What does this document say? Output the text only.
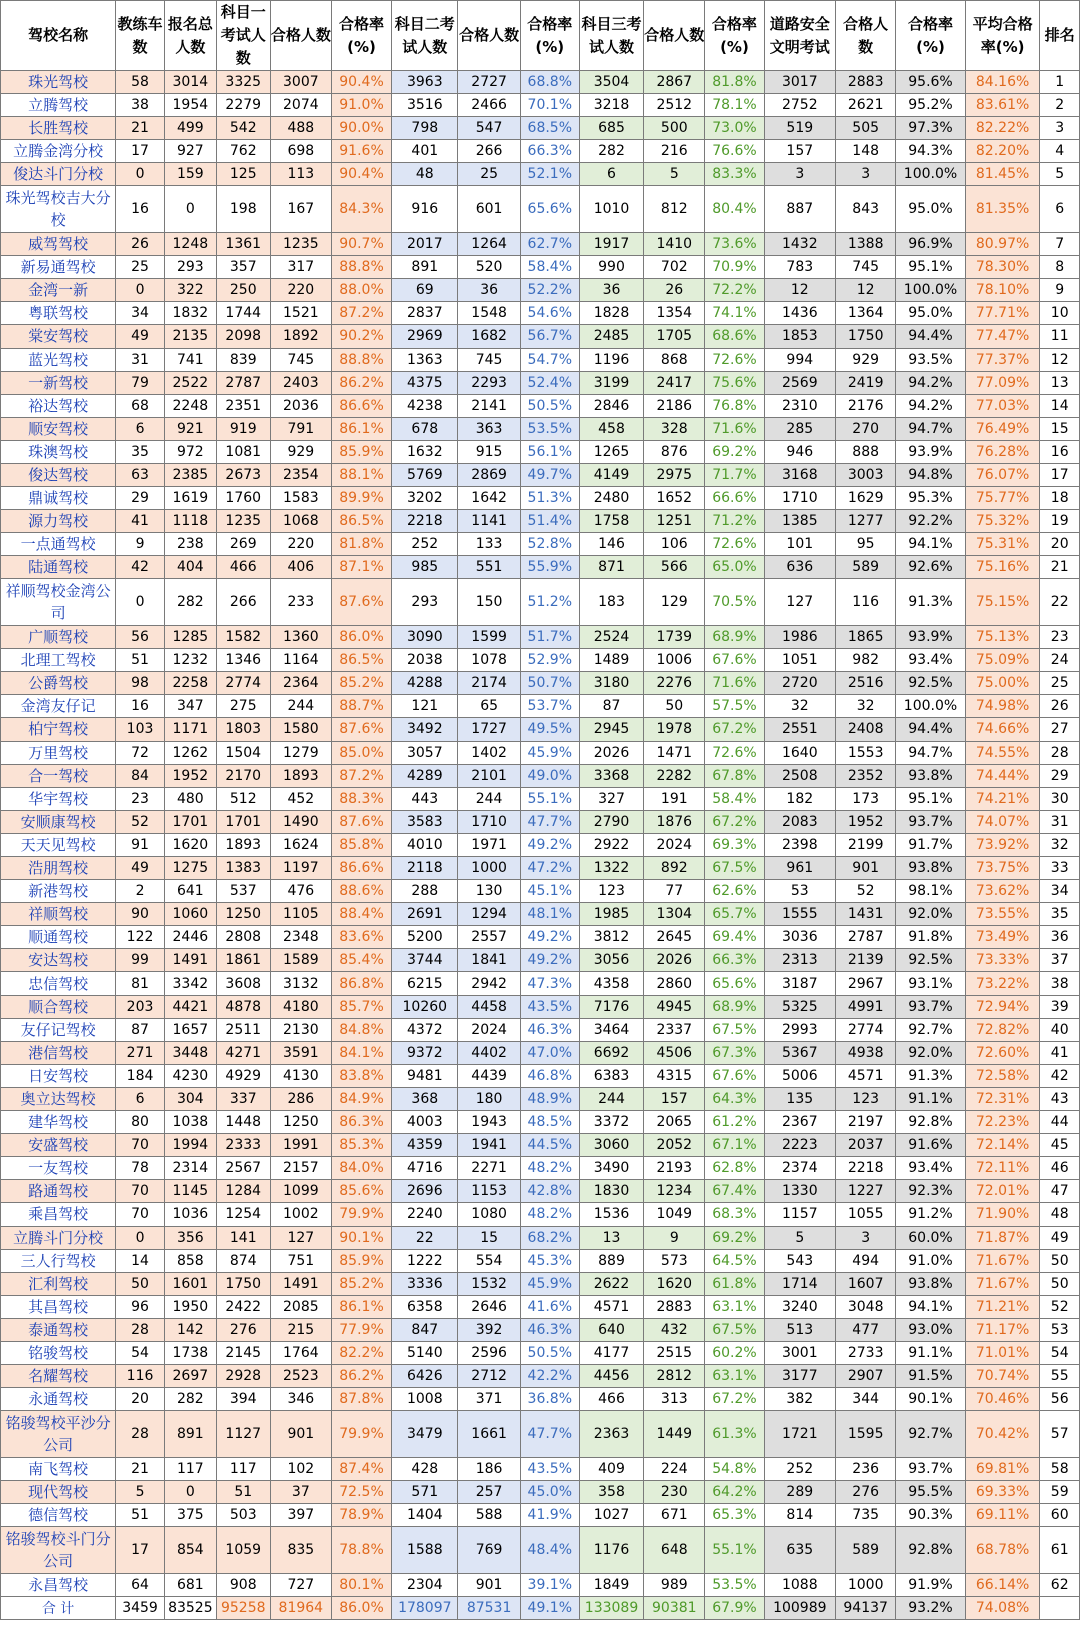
驾校名称	教练车数	报名总人数	科目一考试人数	合格人数	合格率(%)	科目二考试人数	合格人数	合格率(%)	科目三考试人数	合格人数	合格率(%)	道路安全文明考试	合格人数	合格率(%)	平均合格率(%)	排名
珠光驾校	58	3014	3325	3007	90.4%	3963	2727	68.8%	3504	2867	81.8%	3017	2883	95.6%	84.16%	1
立腾驾校	38	1954	2279	2074	91.0%	3516	2466	70.1%	3218	2512	78.1%	2752	2621	95.2%	83.61%	2
长胜驾校	21	499	542	488	90.0%	798	547	68.5%	685	500	73.0%	519	505	97.3%	82.22%	3
立腾金湾分校	17	927	762	698	91.6%	401	266	66.3%	282	216	76.6%	157	148	94.3%	82.20%	4
俊达斗门分校	0	159	125	113	90.4%	48	25	52.1%	6	5	83.3%	3	3	100.0%	81.45%	5
珠光驾校吉大分校	16	0	198	167	84.3%	916	601	65.6%	1010	812	80.4%	887	843	95.0%	81.35%	6
威驾驾校	26	1248	1361	1235	90.7%	2017	1264	62.7%	1917	1410	73.6%	1432	1388	96.9%	80.97%	7
新易通驾校	25	293	357	317	88.8%	891	520	58.4%	990	702	70.9%	783	745	95.1%	78.30%	8
金湾一新	0	322	250	220	88.0%	69	36	52.2%	36	26	72.2%	12	12	100.0%	78.10%	9
粤联驾校	34	1832	1744	1521	87.2%	2837	1548	54.6%	1828	1354	74.1%	1436	1364	95.0%	77.71%	10
棠安驾校	49	2135	2098	1892	90.2%	2969	1682	56.7%	2485	1705	68.6%	1853	1750	94.4%	77.47%	11
蓝光驾校	31	741	839	745	88.8%	1363	745	54.7%	1196	868	72.6%	994	929	93.5%	77.37%	12
一新驾校	79	2522	2787	2403	86.2%	4375	2293	52.4%	3199	2417	75.6%	2569	2419	94.2%	77.09%	13
裕达驾校	68	2248	2351	2036	86.6%	4238	2141	50.5%	2846	2186	76.8%	2310	2176	94.2%	77.03%	14
顺安驾校	6	921	919	791	86.1%	678	363	53.5%	458	328	71.6%	285	270	94.7%	76.49%	15
珠澳驾校	35	972	1081	929	85.9%	1632	915	56.1%	1265	876	69.2%	946	888	93.9%	76.28%	16
俊达驾校	63	2385	2673	2354	88.1%	5769	2869	49.7%	4149	2975	71.7%	3168	3003	94.8%	76.07%	17
鼎诚驾校	29	1619	1760	1583	89.9%	3202	1642	51.3%	2480	1652	66.6%	1710	1629	95.3%	75.77%	18
源力驾校	41	1118	1235	1068	86.5%	2218	1141	51.4%	1758	1251	71.2%	1385	1277	92.2%	75.32%	19
一点通驾校	9	238	269	220	81.8%	252	133	52.8%	146	106	72.6%	101	95	94.1%	75.31%	20
陆通驾校	42	404	466	406	87.1%	985	551	55.9%	871	566	65.0%	636	589	92.6%	75.16%	21
祥顺驾校金湾公司	0	282	266	233	87.6%	293	150	51.2%	183	129	70.5%	127	116	91.3%	75.15%	22
广顺驾校	56	1285	1582	1360	86.0%	3090	1599	51.7%	2524	1739	68.9%	1986	1865	93.9%	75.13%	23
北理工驾校	51	1232	1346	1164	86.5%	2038	1078	52.9%	1489	1006	67.6%	1051	982	93.4%	75.09%	24
公爵驾校	98	2258	2774	2364	85.2%	4288	2174	50.7%	3180	2276	71.6%	2720	2516	92.5%	75.00%	25
金湾友仔记	16	347	275	244	88.7%	121	65	53.7%	87	50	57.5%	32	32	100.0%	74.98%	26
柏宁驾校	103	1171	1803	1580	87.6%	3492	1727	49.5%	2945	1978	67.2%	2551	2408	94.4%	74.66%	27
万里驾校	72	1262	1504	1279	85.0%	3057	1402	45.9%	2026	1471	72.6%	1640	1553	94.7%	74.55%	28
合一驾校	84	1952	2170	1893	87.2%	4289	2101	49.0%	3368	2282	67.8%	2508	2352	93.8%	74.44%	29
华宇驾校	23	480	512	452	88.3%	443	244	55.1%	327	191	58.4%	182	173	95.1%	74.21%	30
安顺康驾校	52	1701	1701	1490	87.6%	3583	1710	47.7%	2790	1876	67.2%	2083	1952	93.7%	74.07%	31
天天见驾校	91	1620	1893	1624	85.8%	4010	1971	49.2%	2922	2024	69.3%	2398	2199	91.7%	73.92%	32
浩朋驾校	49	1275	1383	1197	86.6%	2118	1000	47.2%	1322	892	67.5%	961	901	93.8%	73.75%	33
新港驾校	2	641	537	476	88.6%	288	130	45.1%	123	77	62.6%	53	52	98.1%	73.62%	34
祥顺驾校	90	1060	1250	1105	88.4%	2691	1294	48.1%	1985	1304	65.7%	1555	1431	92.0%	73.55%	35
顺通驾校	122	2446	2808	2348	83.6%	5200	2557	49.2%	3812	2645	69.4%	3036	2787	91.8%	73.49%	36
安达驾校	99	1491	1861	1589	85.4%	3744	1841	49.2%	3056	2026	66.3%	2313	2139	92.5%	73.33%	37
忠信驾校	81	3342	3608	3132	86.8%	6215	2942	47.3%	4358	2860	65.6%	3187	2967	93.1%	73.22%	38
顺合驾校	203	4421	4878	4180	85.7%	10260	4458	43.5%	7176	4945	68.9%	5325	4991	93.7%	72.94%	39
友仔记驾校	87	1657	2511	2130	84.8%	4372	2024	46.3%	3464	2337	67.5%	2993	2774	92.7%	72.82%	40
港信驾校	271	3448	4271	3591	84.1%	9372	4402	47.0%	6692	4506	67.3%	5367	4938	92.0%	72.60%	41
日安驾校	184	4230	4929	4130	83.8%	9481	4439	46.8%	6383	4315	67.6%	5006	4571	91.3%	72.58%	42
奥立达驾校	6	304	337	286	84.9%	368	180	48.9%	244	157	64.3%	135	123	91.1%	72.31%	43
建华驾校	80	1038	1448	1250	86.3%	4003	1943	48.5%	3372	2065	61.2%	2367	2197	92.8%	72.23%	44
安盛驾校	70	1994	2333	1991	85.3%	4359	1941	44.5%	3060	2052	67.1%	2223	2037	91.6%	72.14%	45
一友驾校	78	2314	2567	2157	84.0%	4716	2271	48.2%	3490	2193	62.8%	2374	2218	93.4%	72.11%	46
路通驾校	70	1145	1284	1099	85.6%	2696	1153	42.8%	1830	1234	67.4%	1330	1227	92.3%	72.01%	47
乘昌驾校	70	1036	1254	1002	79.9%	2240	1080	48.2%	1536	1049	68.3%	1157	1055	91.2%	71.90%	48
立腾斗门分校	0	356	141	127	90.1%	22	15	68.2%	13	9	69.2%	5	3	60.0%	71.87%	49
三人行驾校	14	858	874	751	85.9%	1222	554	45.3%	889	573	64.5%	543	494	91.0%	71.67%	50
汇利驾校	50	1601	1750	1491	85.2%	3336	1532	45.9%	2622	1620	61.8%	1714	1607	93.8%	71.67%	50
其昌驾校	96	1950	2422	2085	86.1%	6358	2646	41.6%	4571	2883	63.1%	3240	3048	94.1%	71.21%	52
泰通驾校	28	142	276	215	77.9%	847	392	46.3%	640	432	67.5%	513	477	93.0%	71.17%	53
铭骏驾校	54	1738	2145	1764	82.2%	5140	2596	50.5%	4177	2515	60.2%	3001	2733	91.1%	71.01%	54
名耀驾校	116	2697	2928	2523	86.2%	6426	2712	42.2%	4456	2812	63.1%	3177	2907	91.5%	70.74%	55
永通驾校	20	282	394	346	87.8%	1008	371	36.8%	466	313	67.2%	382	344	90.1%	70.46%	56
铭骏驾校平沙分公司	28	891	1127	901	79.9%	3479	1661	47.7%	2363	1449	61.3%	1721	1595	92.7%	70.42%	57
南飞驾校	21	117	117	102	87.4%	428	186	43.5%	409	224	54.8%	252	236	93.7%	69.81%	58
现代驾校	5	0	51	37	72.5%	571	257	45.0%	358	230	64.2%	289	276	95.5%	69.33%	59
德信驾校	51	375	503	397	78.9%	1404	588	41.9%	1027	671	65.3%	814	735	90.3%	69.11%	60
铭骏驾校斗门分公司	17	854	1059	835	78.8%	1588	769	48.4%	1176	648	55.1%	635	589	92.8%	68.78%	61
永昌驾校	64	681	908	727	80.1%	2304	901	39.1%	1849	989	53.5%	1088	1000	91.9%	66.14%	62
合 计	3459	83525	95258	81964	86.0%	178097	87531	49.1%	133089	90381	67.9%	100989	94137	93.2%	74.08%	
